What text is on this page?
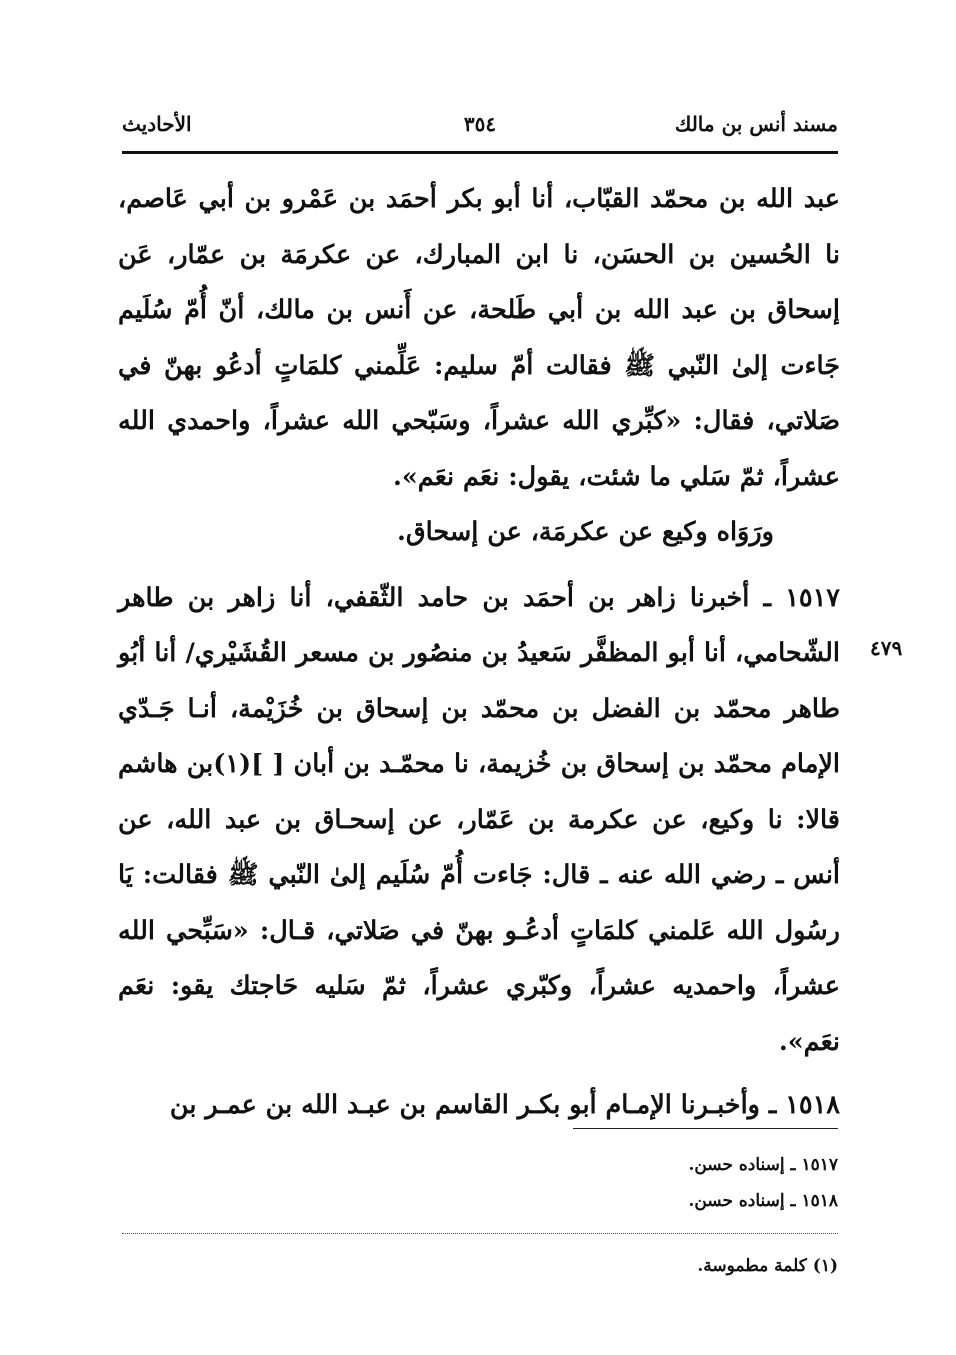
مسند أنس بن مالك
٣٥٤
الأحاديث
٤٧٩

عبد الله بن محمّد القبّاب، أنا أبو بكر أحمَد بن عَمْرو بن أبي عَاصم، نا الحُسين بن الحسَن، نا ابن المبارك، عن عكرمَة بن عمّار، عَن إسحاق بن عبد الله بن أبي طَلحة، عن أَنس بن مالك، أنّ أُمّ سُلَيم جَاءت إلىٰ النّبي ﷺ فقالت أمّ سليم: عَلِّمني كلمَاتٍ أدعُو بهنّ في صَلاتي، فقال: «كبِّري الله عشراً، وسَبّحي الله عشراً، واحمدي الله عشراً، ثمّ سَلي ما شئت، يقول: نعَم نعَم».

ورَوَاه وكيع عن عكرمَة، عن إسحاق.

١٥١٧ ـ أخبرنا زاهر بن أحمَد بن حامد الثّقفي، أنا زاهر بن طاهر الشّحامي، أنا أبو المظفَّر سَعيدُ بن منصُور بن مسعر القُشَيْري/ أنا أبُو طاهر محمّد بن الفضل بن محمّد بن إسحاق بن خُزَيْمة، أنـا جَـدّي الإمام محمّد بن إسحاق بن خُزيمة، نا محمّـد بن أبان [ ](١)بن هاشم قالا: نا وكيع، عن عكرمة بن عَمّار، عن إسحـاق بن عبد الله، عن أنس ـ رضي الله عنه ـ قال: جَاءت أُمّ سُلَيم إلىٰ النّبي ﷺ فقالت: يَا رسُول الله عَلمني كلمَاتٍ أدعُـو بهنّ في صَلاتي، قـال: «سَبِّحي الله عشراً، واحمديه عشراً، وكبّري عشراً، ثمّ سَليه حَاجتك يقو: نعَم نعَم».

١٥١٨ ـ وأخبـرنا الإمـام أبو بكـر القاسم بن عبـد الله بن عمـر بن

١٥١٧ ـ إسناده حسن.
١٥١٨ ـ إسناده حسن.
(١) كلمة مطموسة.
